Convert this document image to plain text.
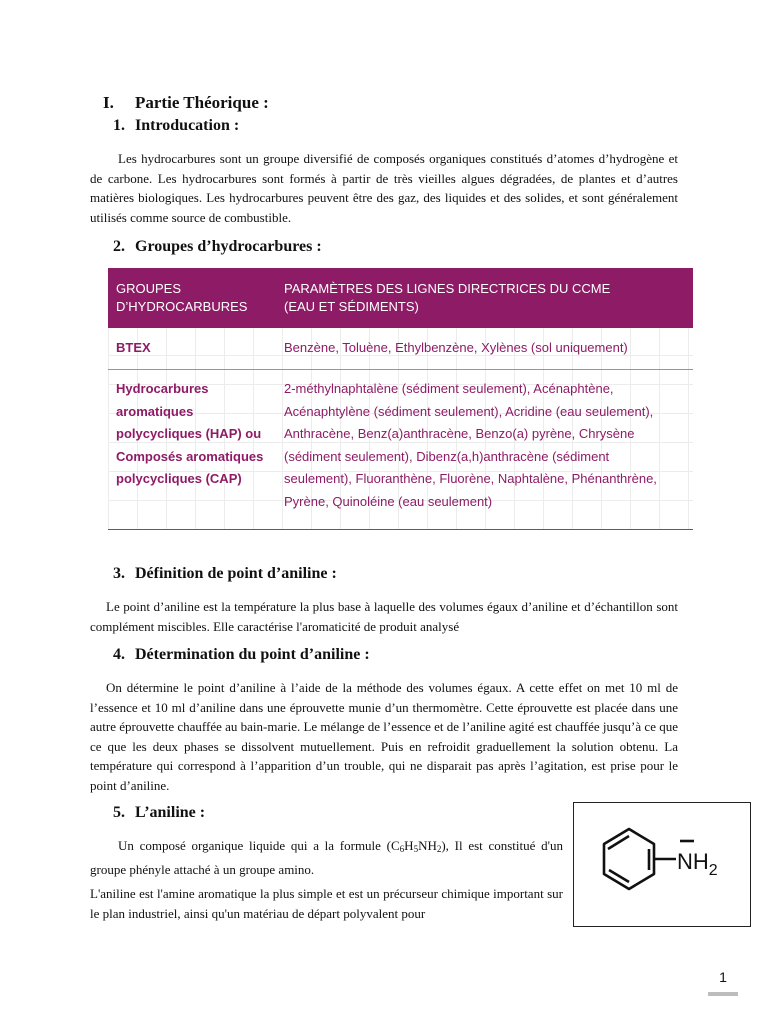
I. Partie Théorique :
1. Introducation :

Les hydrocarbures sont un groupe diversifié de composés organiques constitués d’atomes d’hydrogène et de carbone. Les hydrocarbures sont formés à partir de très vieilles algues dégradées, de plantes et d’autres matières biologiques. Les hydrocarbures peuvent être des gaz, des liquides et des solides, et sont généralement utilisés comme source de combustible.

2. Groupes d’hydrocarbures :
GROUPES
D’HYDROCARBURES
PARAMÈTRES DES LIGNES DIRECTRICES DU CCME
(EAU ET SÉDIMENTS)
BTEX	Benzène, Toluène, Ethylbenzène, Xylènes (sol uniquement)
Hydrocarbures
aromatiques
polycycliques (HAP) ou
Composés aromatiques
polycycliques (CAP)
2-méthylnaphtalène (sédiment seulement), Acénaphtène,
Acénaphtylène (sédiment seulement), Acridine (eau seulement),
Anthracène, Benz(a)anthracène, Benzo(a) pyrène, Chrysène
(sédiment seulement), Dibenz(a,h)anthracène (sédiment
seulement), Fluoranthène, Fluorène, Naphtalène, Phénanthrène,
Pyrène, Quinoléine (eau seulement)
3. Définition de point d’aniline :

Le point d’aniline est la température la plus base à laquelle des volumes égaux d’aniline et d’échantillon sont complément miscibles. Elle caractérise l'aromaticité de produit analysé

4. Détermination du point d’aniline :

On détermine le point d’aniline à l’aide de la méthode des volumes égaux. A cette effet on met 10 ml de l’essence et 10 ml d’aniline dans une éprouvette munie d’un thermomètre. Cette éprouvette est placée dans une autre éprouvette chauffée au bain-marie. Le mélange de l’essence et de l’aniline agité est chauffée jusqu’à ce que ce que les deux phases se dissolvent mutuellement. Puis en refroidit graduellement la solution obtenu. La température qui correspond à l’apparition d’un trouble, qui ne disparait pas après l’agitation, est prise pour le point d’aniline.

5. L’aniline :

Un composé organique liquide qui a la formule $(C_6H_5NH_2)$, Il est constitué d'un groupe phényle attaché à un groupe amino.

L'aniline est l'amine aromatique la plus simple et est un précurseur chimique important sur le plan industriel, ainsi qu'un matériau de départ polyvalent pour

$NH_2$
1
